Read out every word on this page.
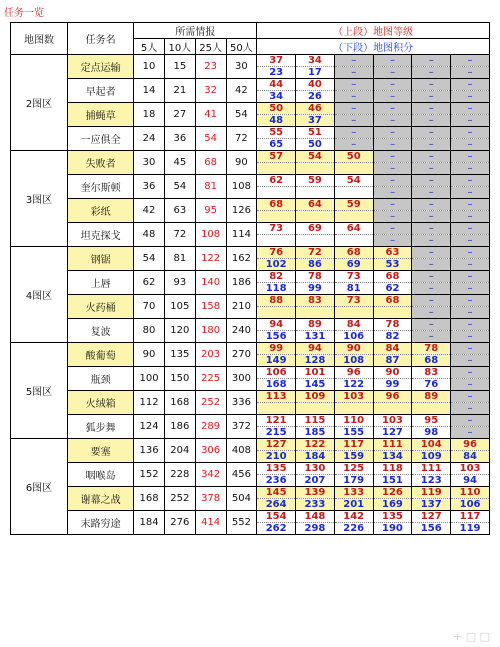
任务一览
地图数	任务名	所需情报				（上段）地图等级					
		5人	10人	25人	50人	（下段）地图积分					
2图区	定点运输	10	15	23	30	37	34	–	–	–	–
						23	17	–	–	–	–
	早起者	14	21	32	42	44	40	–	–	–	–
						34	26	–	–	–	–
	捕蝇草	18	27	41	54	50	46	–	–	–	–
						48	37	–	–	–	–
	一应俱全	24	36	54	72	55	51	–	–	–	–
						65	50	–	–	–	–
3图区	失败者	30	45	68	90	57	54	50	–	–	–
									–	–	–
	奎尔斯顿	36	54	81	108	62	59	54	–	–	–
									–	–	–
	彩纸	42	63	95	126	68	64	59	–	–	–
									–	–	–
	坦克探戈	48	72	108	114	73	69	64	–	–	–
									–	–	–
4图区	钢锯	54	81	122	162	76	72	68	63	–	–
						102	86	69	53	–	–
	上唇	62	93	140	186	82	78	73	68	–	–
						118	99	81	62	–	–
	火药桶	70	105	158	210	88	83	73	68	–	–
										–	–
	复波	80	120	180	240	94	89	84	78	–	–
						156	131	106	82	–	–
5图区	酸葡萄	90	135	203	270	99	94	90	84	78	–
						149	128	108	87	68	–
	瓶颈	100	150	225	300	106	101	96	90	83	–
						168	145	122	99	76	–
	火绒箱	112	168	252	336	113	109	103	96	89	–
											–
	狐步舞	124	186	289	372	121	115	110	103	95	–
						215	185	155	127	98	–
6图区	要塞	136	204	306	408	127	122	117	111	104	96
						210	184	159	134	109	84
	咽喉岛	152	228	342	456	135	130	125	118	111	103
						236	207	179	151	123	94
	谢幕之战	168	252	378	504	145	139	133	126	119	110
						264	233	201	169	137	106
	末路穷途	184	276	414	552	154	148	142	135	127	117
						262	298	226	190	156	119
+ □ □
